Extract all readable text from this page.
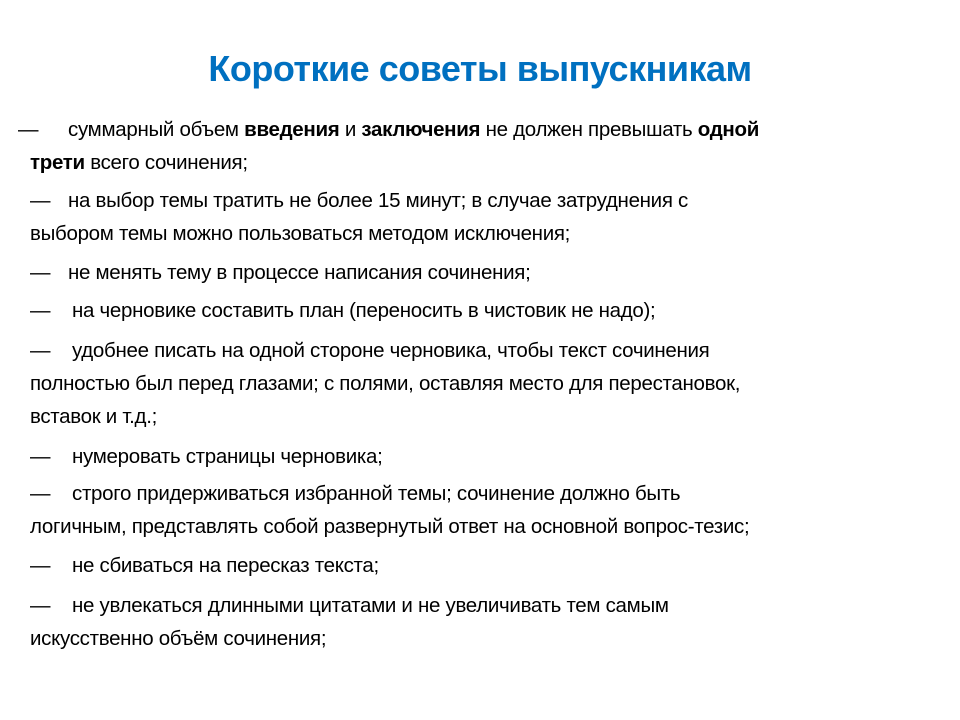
Короткие советы выпускникам
— суммарный объем введения и заключения не должен превышать одной
трети всего сочинения;
— на выбор темы тратить не более 15 минут; в случае затруднения с
выбором темы можно пользоваться методом исключения;
— не менять тему в процессе написания сочинения;
— на черновике составить план (переносить в чистовик не надо);
— удобнее писать на одной стороне черновика, чтобы текст сочинения
полностью был перед глазами; с полями, оставляя место для перестановок,
вставок и т.д.;
— нумеровать страницы черновика;
— строго придерживаться избранной темы; сочинение должно быть
логичным, представлять собой развернутый ответ на основной вопрос-тезис;
— не сбиваться на пересказ текста;
— не увлекаться длинными цитатами и не увеличивать тем самым
искусственно объём сочинения;
